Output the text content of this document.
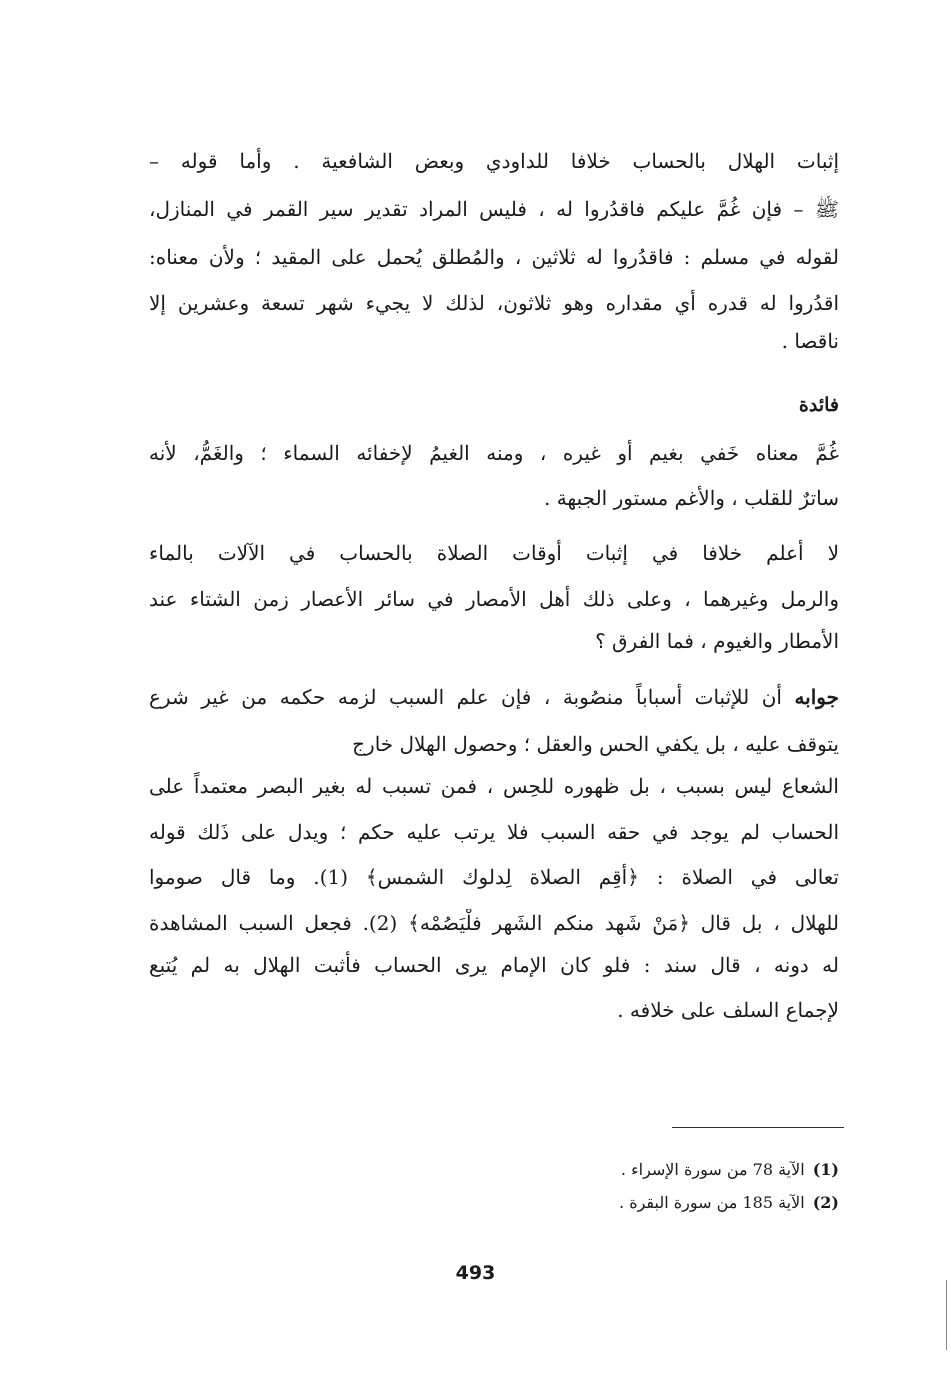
إثبات الهلال بالحساب خلافا للداودي وبعض الشافعية . وأما قوله –
ﷺ – فإن غُمَّ عليكم فاقدُروا له ، فليس المراد تقدير سير القمر في المنازل،
لقوله في مسلم : فاقدُروا له ثلاثين ، والمُطلق يُحمل على المقيد ؛ ولأن معناه:
اقدُروا له قدره أي مقداره وهو ثلاثون، لذلك لا يجيء شهر تسعة وعشرين إلا
ناقصا .
فائدة
غُمَّ معناه خَفي بغيم أو غيره ، ومنه الغيمُ لإخفائه السماء ؛ والغَمُّ، لأنه
ساترٌ للقلب ، والأغم مستور الجبهة .
لا أعلم خلافا في إثبات أوقات الصلاة بالحساب في الآلات بالماء
والرمل وغيرهما ، وعلى ذلك أهل الأمصار في سائر الأعصار زمن الشتاء عند
الأمطار والغيوم ، فما الفرق ؟
جوابه أن للإثبات أسباباً منصُوبة ، فإن علم السبب لزمه حكمه من غير شرع
يتوقف عليه ، بل يكفي الحس والعقل ؛ وحصول الهلال خارج
الشعاع ليس بسبب ، بل ظهوره للحِس ، فمن تسبب له بغير البصر معتمداً على
الحساب لم يوجد في حقه السبب فلا يرتب عليه حكم ؛ ويدل على ذَلك قوله
تعالى في الصلاة : ﴿أَقِم الصلاة لِدلوك الشمس﴾ (1). وما قال صوموا
للهلال ، بل قال ﴿مَنْ شَهِد منكم الشَهر فلْيَصُمْه﴾ (2). فجعل السبب المشاهدة
له دونه ، قال سند : فلو كان الإمام يرى الحساب فأثبت الهلال به لم يُتبع
لإجماع السلف على خلافه .
(1)الآية 78 من سورة الإسراء .
(2)الآية 185 من سورة البقرة .
493
